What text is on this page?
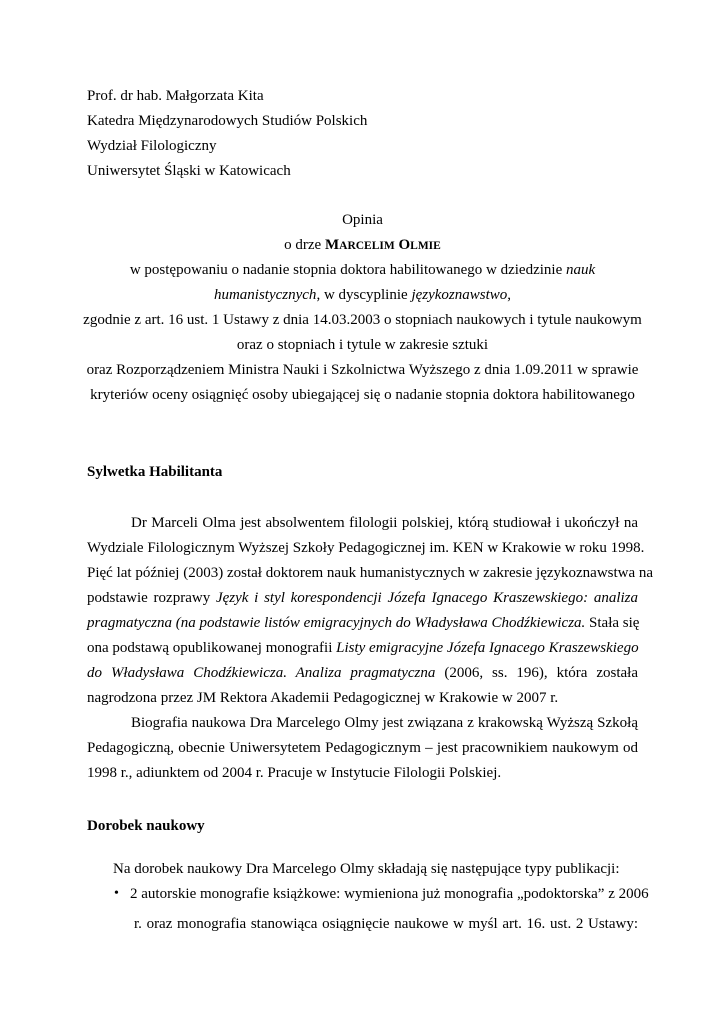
Prof. dr hab. Małgorzata Kita
Katedra Międzynarodowych Studiów Polskich
Wydział Filologiczny
Uniwersytet Śląski w Katowicach
Opinia
o drze MARCELIM OLMIE
w postępowaniu o nadanie stopnia doktora habilitowanego w dziedzinie nauk
humanistycznych, w dyscyplinie językoznawstwo,
zgodnie z art. 16 ust. 1 Ustawy z dnia 14.03.2003 o stopniach naukowych i tytule naukowym
oraz o stopniach i tytule w zakresie sztuki
oraz Rozporządzeniem Ministra Nauki i Szkolnictwa Wyższego z dnia 1.09.2011 w sprawie
kryteriów oceny osiągnięć osoby ubiegającej się o nadanie stopnia doktora habilitowanego
Sylwetka Habilitanta
Dr Marceli Olma jest absolwentem filologii polskiej, którą studiował i ukończył na
Wydziale Filologicznym Wyższej Szkoły Pedagogicznej im. KEN w Krakowie w roku 1998.
Pięć lat później (2003) został doktorem nauk humanistycznych w zakresie językoznawstwa na
podstawie rozprawy Język i styl korespondencji Józefa Ignacego Kraszewskiego: analiza
pragmatyczna (na podstawie listów emigracyjnych do Władysława Chodźkiewicza. Stała się
ona podstawą opublikowanej monografii Listy emigracyjne Józefa Ignacego Kraszewskiego
do Władysława Chodźkiewicza. Analiza pragmatyczna (2006, ss. 196), która została
nagrodzona przez JM Rektora Akademii Pedagogicznej w Krakowie w 2007 r.
Biografia naukowa Dra Marcelego Olmy jest związana z krakowską Wyższą Szkołą
Pedagogiczną, obecnie Uniwersytetem Pedagogicznym – jest pracownikiem naukowym od
1998 r., adiunktem od 2004 r. Pracuje w Instytucie Filologii Polskiej.
Dorobek naukowy
Na dorobek naukowy Dra Marcelego Olmy składają się następujące typy publikacji:
• 2 autorskie monografie książkowe: wymieniona już monografia „podoktorska” z 2006
r. oraz monografia stanowiąca osiągnięcie naukowe w myśl art. 16. ust. 2 Ustawy:
